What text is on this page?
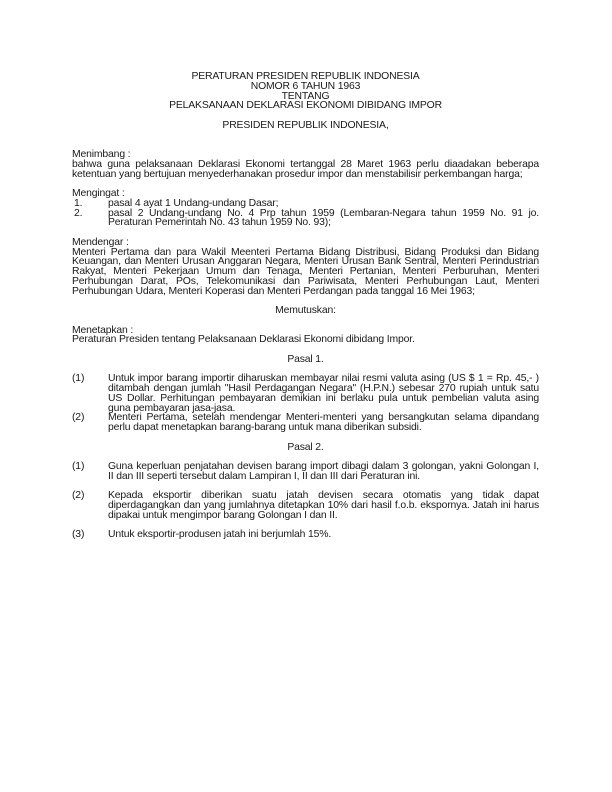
PERATURAN PRESIDEN REPUBLIK INDONESIA
NOMOR 6 TAHUN 1963
TENTANG
PELAKSANAAN DEKLARASI EKONOMI DIBIDANG IMPOR
PRESIDEN REPUBLIK INDONESIA,
Menimbang :
bahwa guna pelaksanaan Deklarasi Ekonomi tertanggal 28 Maret 1963 perlu diaadakan beberapa ketentuan yang bertujuan menyederhanakan prosedur impor dan menstabilisir perkembangan harga;
Mengingat :
1.	pasal 4 ayat 1 Undang-undang Dasar;
2.	pasal 2 Undang-undang No. 4 Prp tahun 1959 (Lembaran-Negara tahun 1959 No. 91 jo. Peraturan Pemerintah No. 43 tahun 1959 No. 93);
Mendengar :
Menteri Pertama dan para Wakil Meenteri Pertama Bidang Distribusi, Bidang Produksi dan Bidang Keuangan, dan Menteri Urusan Anggaran Negara, Menteri Urusan Bank Sentral, Menteri Perindustrian Rakyat, Menteri Pekerjaan Umum dan Tenaga, Menteri Pertanian, Menteri Perburuhan, Menteri Perhubungan Darat, POs, Telekomunikasi dan Pariwisata, Menteri Perhubungan Laut, Menteri Perhubungan Udara, Menteri Koperasi dan Menteri Perdangan pada tanggal 16 Mei 1963;
Memutuskan:
Menetapkan :
Peraturan Presiden tentang Pelaksanaan Deklarasi Ekonomi dibidang Impor.
Pasal 1.
(1)	Untuk impor barang importir diharuskan membayar nilai resmi valuta asing (US $ 1 = Rp. 45,- ) ditambah dengan jumlah "Hasil Perdagangan Negara" (H.P.N.) sebesar 270 rupiah untuk satu US Dollar. Perhitungan pembayaran demikian ini berlaku pula untuk pembelian valuta asing guna pembayaran jasa-jasa.
(2)	Menteri Pertama, setelah mendengar Menteri-menteri yang bersangkutan selama dipandang perlu dapat menetapkan barang-barang untuk mana diberikan subsidi.
Pasal 2.
(1)	Guna keperluan penjatahan devisen barang import dibagi dalam 3 golongan, yakni Golongan I, II dan III seperti tersebut dalam Lampiran I, II dan III dari Peraturan ini.
(2)	Kepada eksportir diberikan suatu jatah devisen secara otomatis yang tidak dapat diperdagangkan dan yang jumlahnya ditetapkan 10% dari hasil f.o.b. ekspornya. Jatah ini harus dipakai untuk mengimpor barang Golongan I dan II.
(3)	Untuk eksportir-produsen jatah ini berjumlah 15%.
